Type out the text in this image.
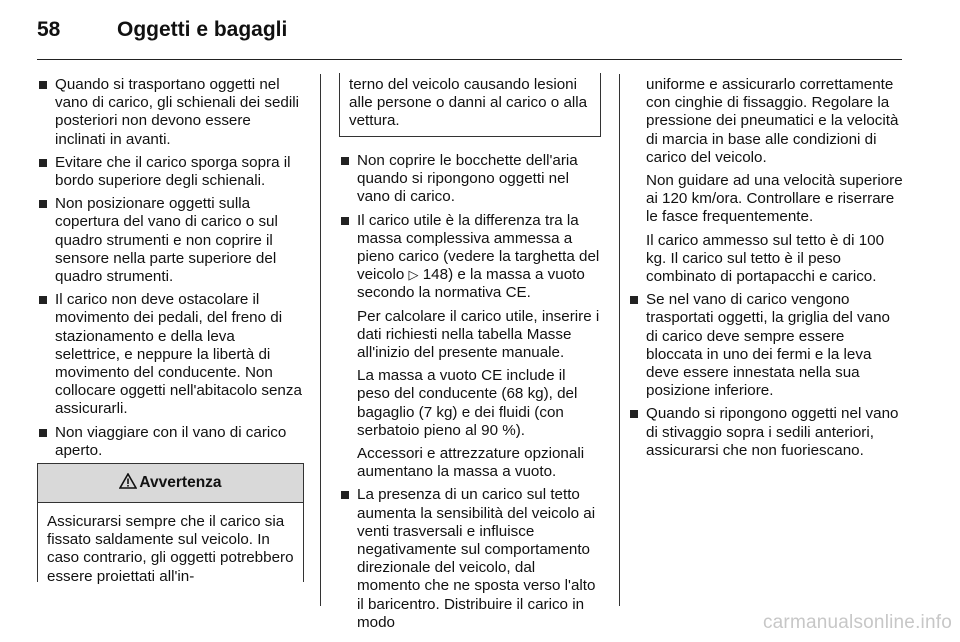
58	Oggetti e bagagli
Quando si trasportano oggetti nel vano di carico, gli schienali dei sedili posteriori non devono essere inclinati in avanti.
Evitare che il carico sporga sopra il bordo superiore degli schienali.
Non posizionare oggetti sulla copertura del vano di carico o sul quadro strumenti e non coprire il sensore nella parte superiore del quadro strumenti.
Il carico non deve ostacolare il movimento dei pedali, del freno di stazionamento e della leva selettrice, e neppure la libertà di movimento del conducente. Non collocare oggetti nell'abitacolo senza assicurarli.
Non viaggiare con il vano di carico aperto.
Avvertenza
Assicurarsi sempre che il carico sia fissato saldamente sul veicolo. In caso contrario, gli oggetti potrebbero essere proiettati all'in-
terno del veicolo causando lesioni alle persone o danni al carico o alla vettura.
Non coprire le bocchette dell'aria quando si ripongono oggetti nel vano di carico.
Il carico utile è la differenza tra la massa complessiva ammessa a pieno carico (vedere la targhetta del veicolo ▷ 148) e la massa a vuoto secondo la normativa CE.
Per calcolare il carico utile, inserire i dati richiesti nella tabella Masse all'inizio del presente manuale.
La massa a vuoto CE include il peso del conducente (68 kg), del bagaglio (7 kg) e dei fluidi (con serbatoio pieno al 90 %).
Accessori e attrezzature opzionali aumentano la massa a vuoto.
La presenza di un carico sul tetto aumenta la sensibilità del veicolo ai venti trasversali e influisce negativamente sul comportamento direzionale del veicolo, dal momento che ne sposta verso l'alto il baricentro. Distribuire il carico in modo
uniforme e assicurarlo correttamente con cinghie di fissaggio. Regolare la pressione dei pneumatici e la velocità di marcia in base alle condizioni di carico del veicolo.
Non guidare ad una velocità superiore ai 120 km/ora. Controllare e riserrare le fasce frequentemente.
Il carico ammesso sul tetto è di 100 kg. Il carico sul tetto è il peso combinato di portapacchi e carico.
Se nel vano di carico vengono trasportati oggetti, la griglia del vano di carico deve sempre essere bloccata in uno dei fermi e la leva deve essere innestata nella sua posizione inferiore.
Quando si ripongono oggetti nel vano di stivaggio sopra i sedili anteriori, assicurarsi che non fuoriescano.
carmanualsonline.info
